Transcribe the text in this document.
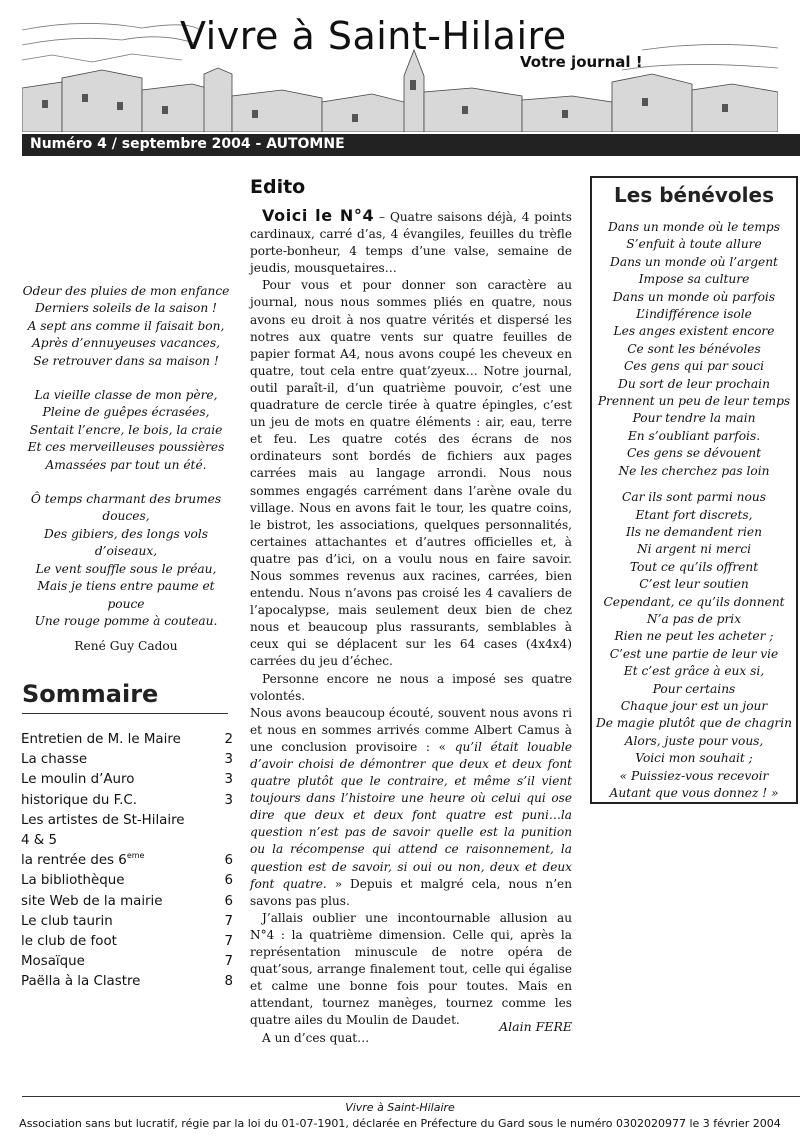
Vivre à Saint-Hilaire
Votre journal !
Numéro 4 / septembre 2004 - AUTOMNE
Odeur des pluies de mon enfance
Derniers soleils de la saison !
A sept ans comme il faisait bon,
Après d’ennuyeuses vacances,
Se retrouver dans sa maison !
La vieille classe de mon père,
Pleine de guêpes écrasées,
Sentait l’encre, le bois, la craie
Et ces merveilleuses poussières
Amassées par tout un été.
Ô temps charmant des brumes
douces,
Des gibiers, des longs vols
d’oiseaux,
Le vent souffle sous le préau,
Mais je tiens entre paume et pouce
Une rouge pomme à couteau.
René Guy Cadou
Sommaire
Entretien de M. le Maire	2
La chasse	3
Le moulin d’Auro	3
historique du F.C.	3
Les artistes de St-Hilaire
4 & 5
la rentrée des 6eme	6
La bibliothèque	6
site Web de la mairie	6
Le club taurin	7
le club de foot	7
Mosaïque	7
Paëlla à la Clastre	8
Edito

Voici le N°4 – Quatre saisons déjà, 4 points cardinaux, carré d’as, 4 évangiles, feuilles du trèfle porte-bonheur, 4 temps d’une valse, semaine de jeudis, mousquetaires…

Pour vous et pour donner son caractère au journal, nous nous sommes pliés en quatre, nous avons eu droit à nos quatre vérités et dispersé les notres aux quatre vents sur quatre feuilles de papier format A4, nous avons coupé les cheveux en quatre, tout cela entre quat’zyeux… Notre journal, outil paraît-il, d’un quatrième pouvoir, c’est une quadrature de cercle tirée à quatre épingles, c’est un jeu de mots en quatre éléments : air, eau, terre et feu. Les quatre cotés des écrans de nos ordinateurs sont bordés de fichiers aux pages carrées mais au langage arrondi. Nous nous sommes engagés carrément dans l’arène ovale du village. Nous en avons fait le tour, les quatre coins, le bistrot, les associations, quelques personnalités, certaines attachantes et d’autres officielles et, à quatre pas d’ici, on a voulu nous en faire savoir. Nous sommes revenus aux racines, carrées, bien entendu. Nous n’avons pas croisé les 4 cavaliers de l’apocalypse, mais seulement deux bien de chez nous et beaucoup plus rassurants, semblables à ceux qui se déplacent sur les 64 cases (4x4x4) carrées du jeu d’échec.

Personne encore ne nous a imposé ses quatre volontés.

Nous avons beaucoup écouté, souvent nous avons ri et nous en sommes arrivés comme Albert Camus à une conclusion provisoire : « qu’il était louable d’avoir choisi de démontrer que deux et deux font quatre plutôt que le contraire, et même s’il vient toujours dans l’histoire une heure où celui qui ose dire que deux et deux font quatre est puni…la question n’est pas de savoir quelle est la punition ou la récompense qui attend ce raisonnement, la question est de savoir, si oui ou non, deux et deux font quatre. » Depuis et malgré cela, nous n’en savons pas plus.

J’allais oublier une incontournable allusion au N°4 : la quatrième dimension. Celle qui, après la représentation minuscule de notre opéra de quat’sous, arrange finalement tout, celle qui égalise et calme une bonne fois pour toutes. Mais en attendant, tournez manèges, tournez comme les quatre ailes du Moulin de Daudet.

A un d’ces quat…

Alain FERE
Les bénévoles
Dans un monde où le temps
S’enfuit à toute allure
Dans un monde où l’argent
Impose sa culture
Dans un monde où parfois
L’indifférence isole
Les anges existent encore
Ce sont les bénévoles
Ces gens qui par souci
Du sort de leur prochain
Prennent un peu de leur temps
Pour tendre la main
En s’oubliant parfois.
Ces gens se dévouent
Ne les cherchez pas loin
Car ils sont parmi nous
Etant fort discrets,
Ils ne demandent rien
Ni argent ni merci
Tout ce qu’ils offrent
C’est leur soutien
Cependant, ce qu’ils donnent
N’a pas de prix
Rien ne peut les acheter ;
C’est une partie de leur vie
Et c’est grâce à eux si,
Pour certains
Chaque jour est un jour
De magie plutôt que de chagrin
Alors, juste pour vous,
Voici mon souhait ;
« Puissiez-vous recevoir
Autant que vous donnez ! »
Vivre à Saint-Hilaire
Association sans but lucratif, régie par la loi du 01-07-1901, déclarée en Préfecture du Gard sous le numéro 0302020977 le 3 février 2004
